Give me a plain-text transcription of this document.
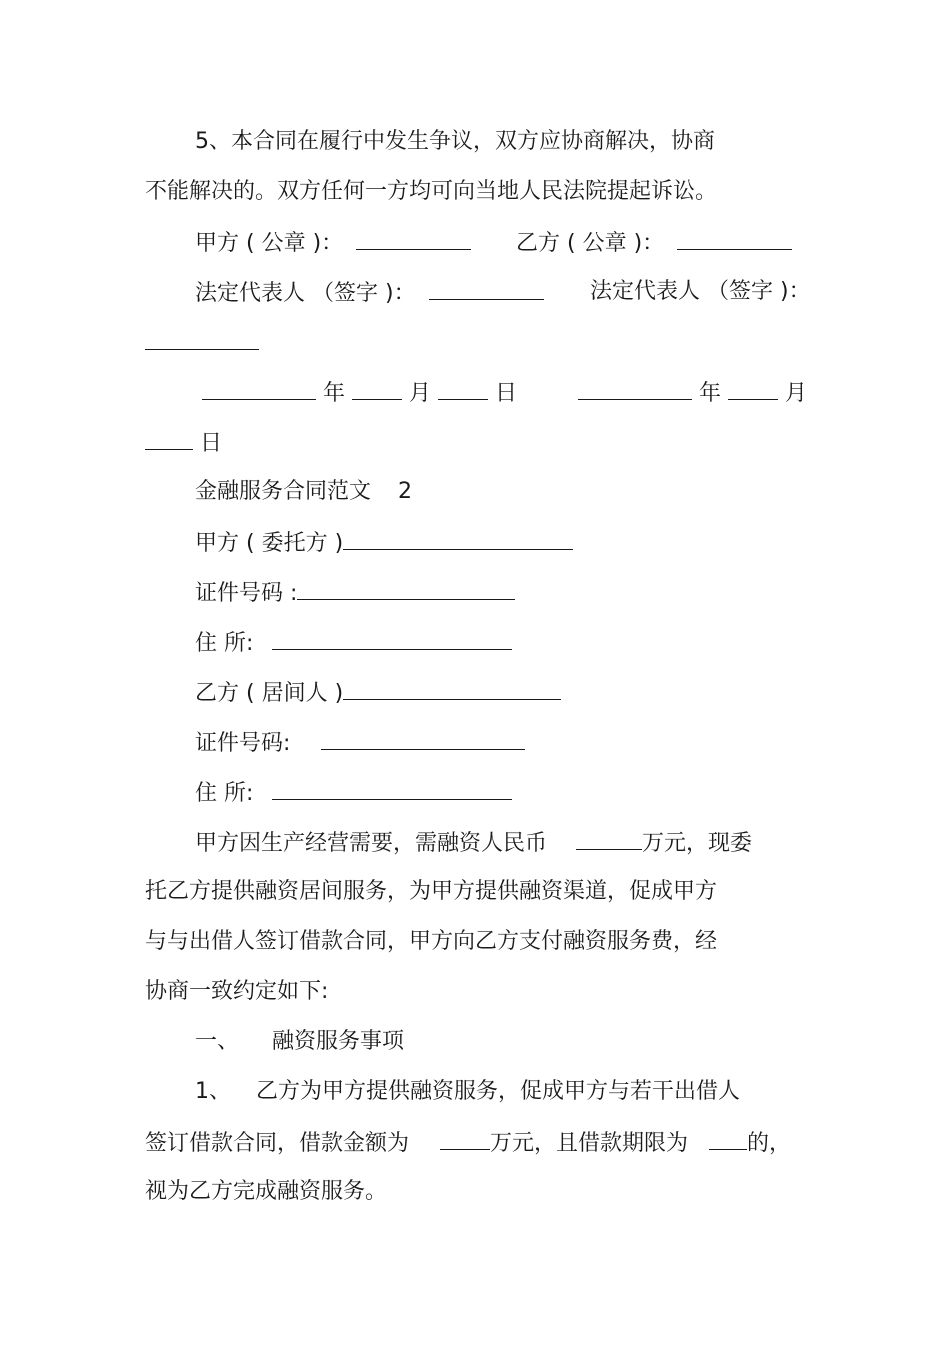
5、本合同在履行中发生争议，双方应协商解决，协商
不能解决的。双方任何一方均可向当地人民法院提起诉讼。
甲方 ( 公章 )：	乙方 ( 公章 )：
法定代表人 （签字 )：	法定代表人 （签字 )：
年	月	日	年	月
日
金融服务合同范文 2
甲方 ( 委托方 )
证件号码 :
住 所:
乙方 ( 居间人 )
证件号码:
住 所:
甲方因生产经营需要，需融资人民币	万元，现委
托乙方提供融资居间服务，为甲方提供融资渠道，促成甲方
与与出借人签订借款合同，甲方向乙方支付融资服务费，经
协商一致约定如下:
一、 融资服务事项
1、 乙方为甲方提供融资服务，促成甲方与若干出借人
签订借款合同，借款金额为	万元，且借款期限为	的，
视为乙方完成融资服务。
